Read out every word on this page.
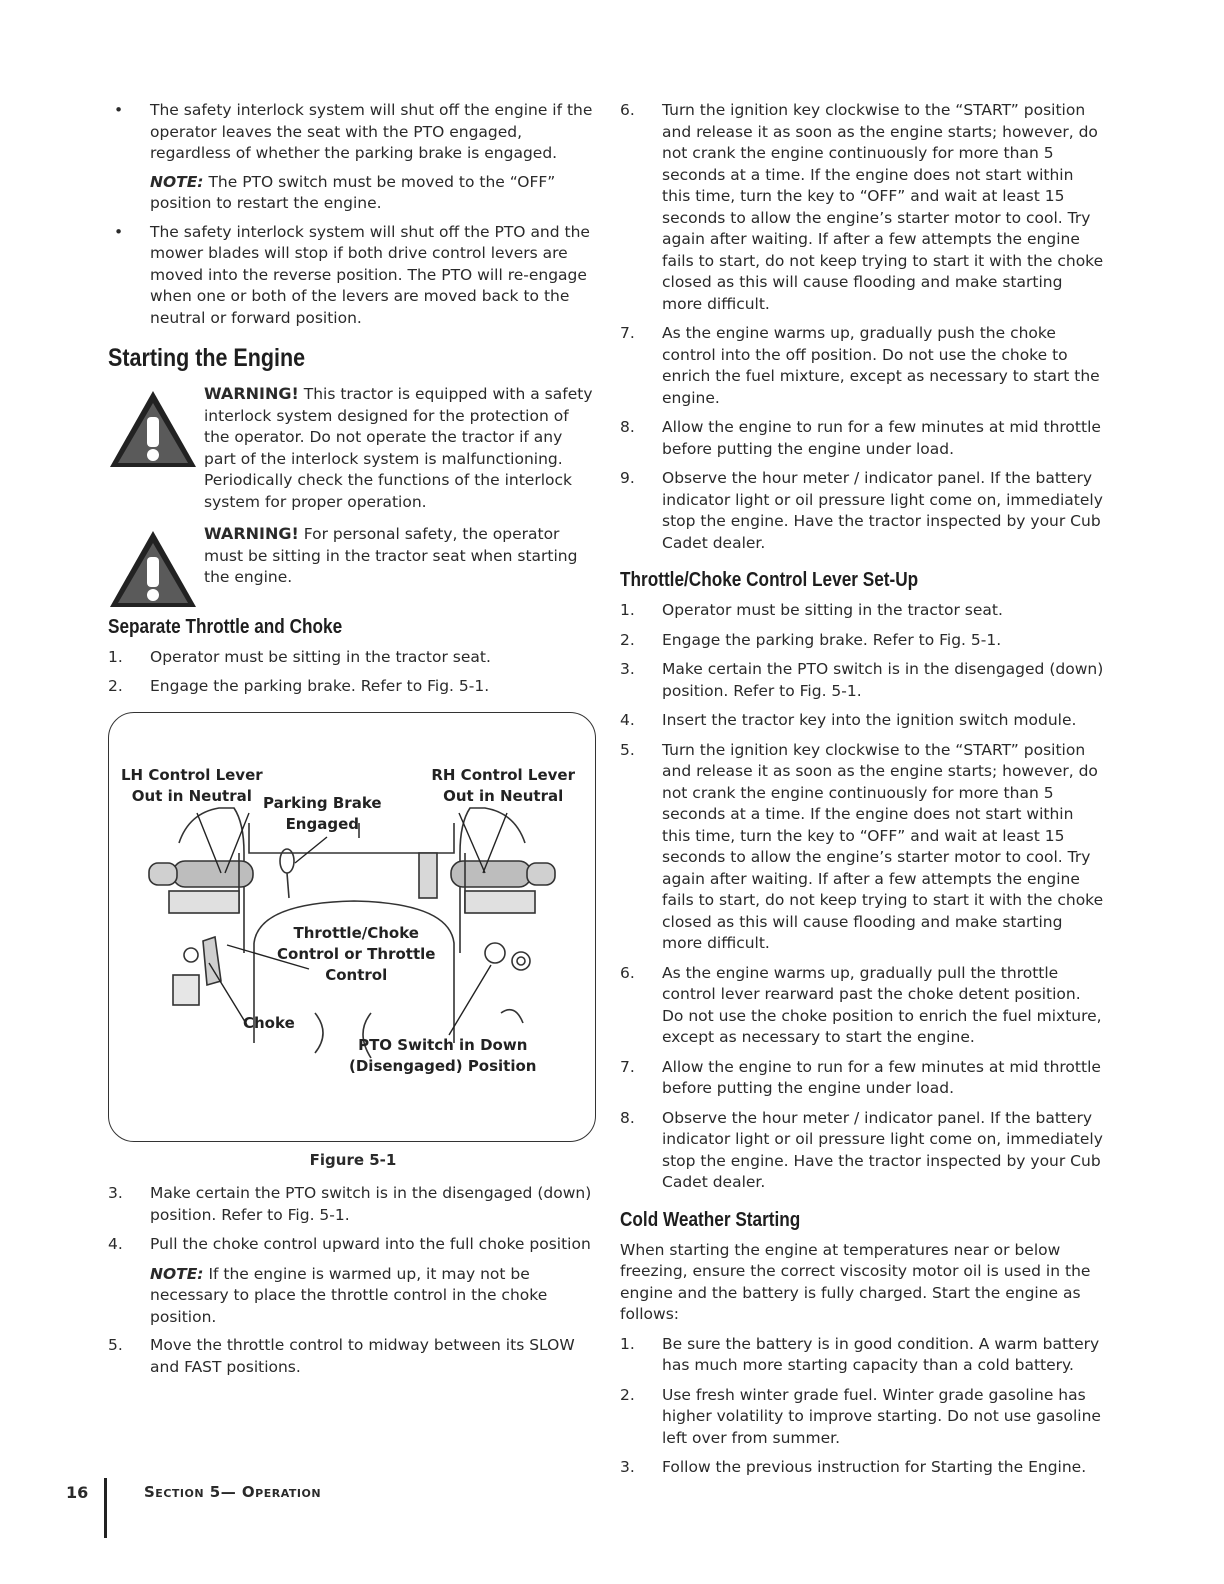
• The safety interlock system will shut off the engine if the operator leaves the seat with the PTO engaged, regardless of whether the parking brake is engaged.

NOTE: The PTO switch must be moved to the “OFF” position to restart the engine.

• The safety interlock system will shut off the PTO and the mower blades will stop if both drive control levers are moved into the reverse position. The PTO will re-engage when one or both of the levers are moved back to the neutral or forward position.
Starting the Engine

WARNING! This tractor is equipped with a safety interlock system designed for the protection of the operator. Do not operate the tractor if any part of the interlock system is malfunctioning. Periodically check the functions of the interlock system for proper operation.

WARNING! For personal safety, the operator must be sitting in the tractor seat when starting the engine.

Separate Throttle and Choke
1. Operator must be sitting in the tractor seat.
2. Engage the parking brake. Refer to Fig. 5-1.
LH Control Lever
Out in Neutral
RH Control Lever
Out in Neutral
Parking Brake
Engaged
Throttle/Choke
Control or Throttle
Control
Choke
PTO Switch in Down
(Disengaged) Position

Figure 5-1

3. Make certain the PTO switch is in the disengaged (down) position. Refer to Fig. 5-1.
4. Pull the choke control upward into the full choke position

NOTE: If the engine is warmed up, it may not be necessary to place the throttle control in the choke position.

5. Move the throttle control to midway between its SLOW and FAST positions.
6. Turn the ignition key clockwise to the “START” position and release it as soon as the engine starts; however, do not crank the engine continuously for more than 5 seconds at a time. If the engine does not start within this time, turn the key to “OFF” and wait at least 15 seconds to allow the engine’s starter motor to cool. Try again after waiting. If after a few attempts the engine fails to start, do not keep trying to start it with the choke closed as this will cause flooding and make starting more difficult.
7. As the engine warms up, gradually push the choke control into the off position. Do not use the choke to enrich the fuel mixture, except as necessary to start the engine.
8. Allow the engine to run for a few minutes at mid throttle before putting the engine under load.
9. Observe the hour meter / indicator panel. If the battery indicator light or oil pressure light come on, immediately stop the engine. Have the tractor inspected by your Cub Cadet dealer.
Throttle/Choke Control Lever Set-Up
1. Operator must be sitting in the tractor seat.
2. Engage the parking brake. Refer to Fig. 5-1.
3. Make certain the PTO switch is in the disengaged (down) position. Refer to Fig. 5-1.
4. Insert the tractor key into the ignition switch module.
5. Turn the ignition key clockwise to the “START” position and release it as soon as the engine starts; however, do not crank the engine continuously for more than 5 seconds at a time. If the engine does not start within this time, turn the key to “OFF” and wait at least 15 seconds to allow the engine’s starter motor to cool. Try again after waiting. If after a few attempts the engine fails to start, do not keep trying to start it with the choke closed as this will cause flooding and make starting more difficult.
6. As the engine warms up, gradually pull the throttle control lever rearward past the choke detent position. Do not use the choke position to enrich the fuel mixture, except as necessary to start the engine.
7. Allow the engine to run for a few minutes at mid throttle before putting the engine under load.
8. Observe the hour meter / indicator panel. If the battery indicator light or oil pressure light come on, immediately stop the engine. Have the tractor inspected by your Cub Cadet dealer.
Cold Weather Starting

When starting the engine at temperatures near or below freezing, ensure the correct viscosity motor oil is used in the engine and the battery is fully charged. Start the engine as follows:

1. Be sure the battery is in good condition. A warm battery has much more starting capacity than a cold battery.
2. Use fresh winter grade fuel. Winter grade gasoline has higher volatility to improve starting. Do not use gasoline left over from summer.
3. Follow the previous instruction for Starting the Engine.
16	Section 5— Operation
